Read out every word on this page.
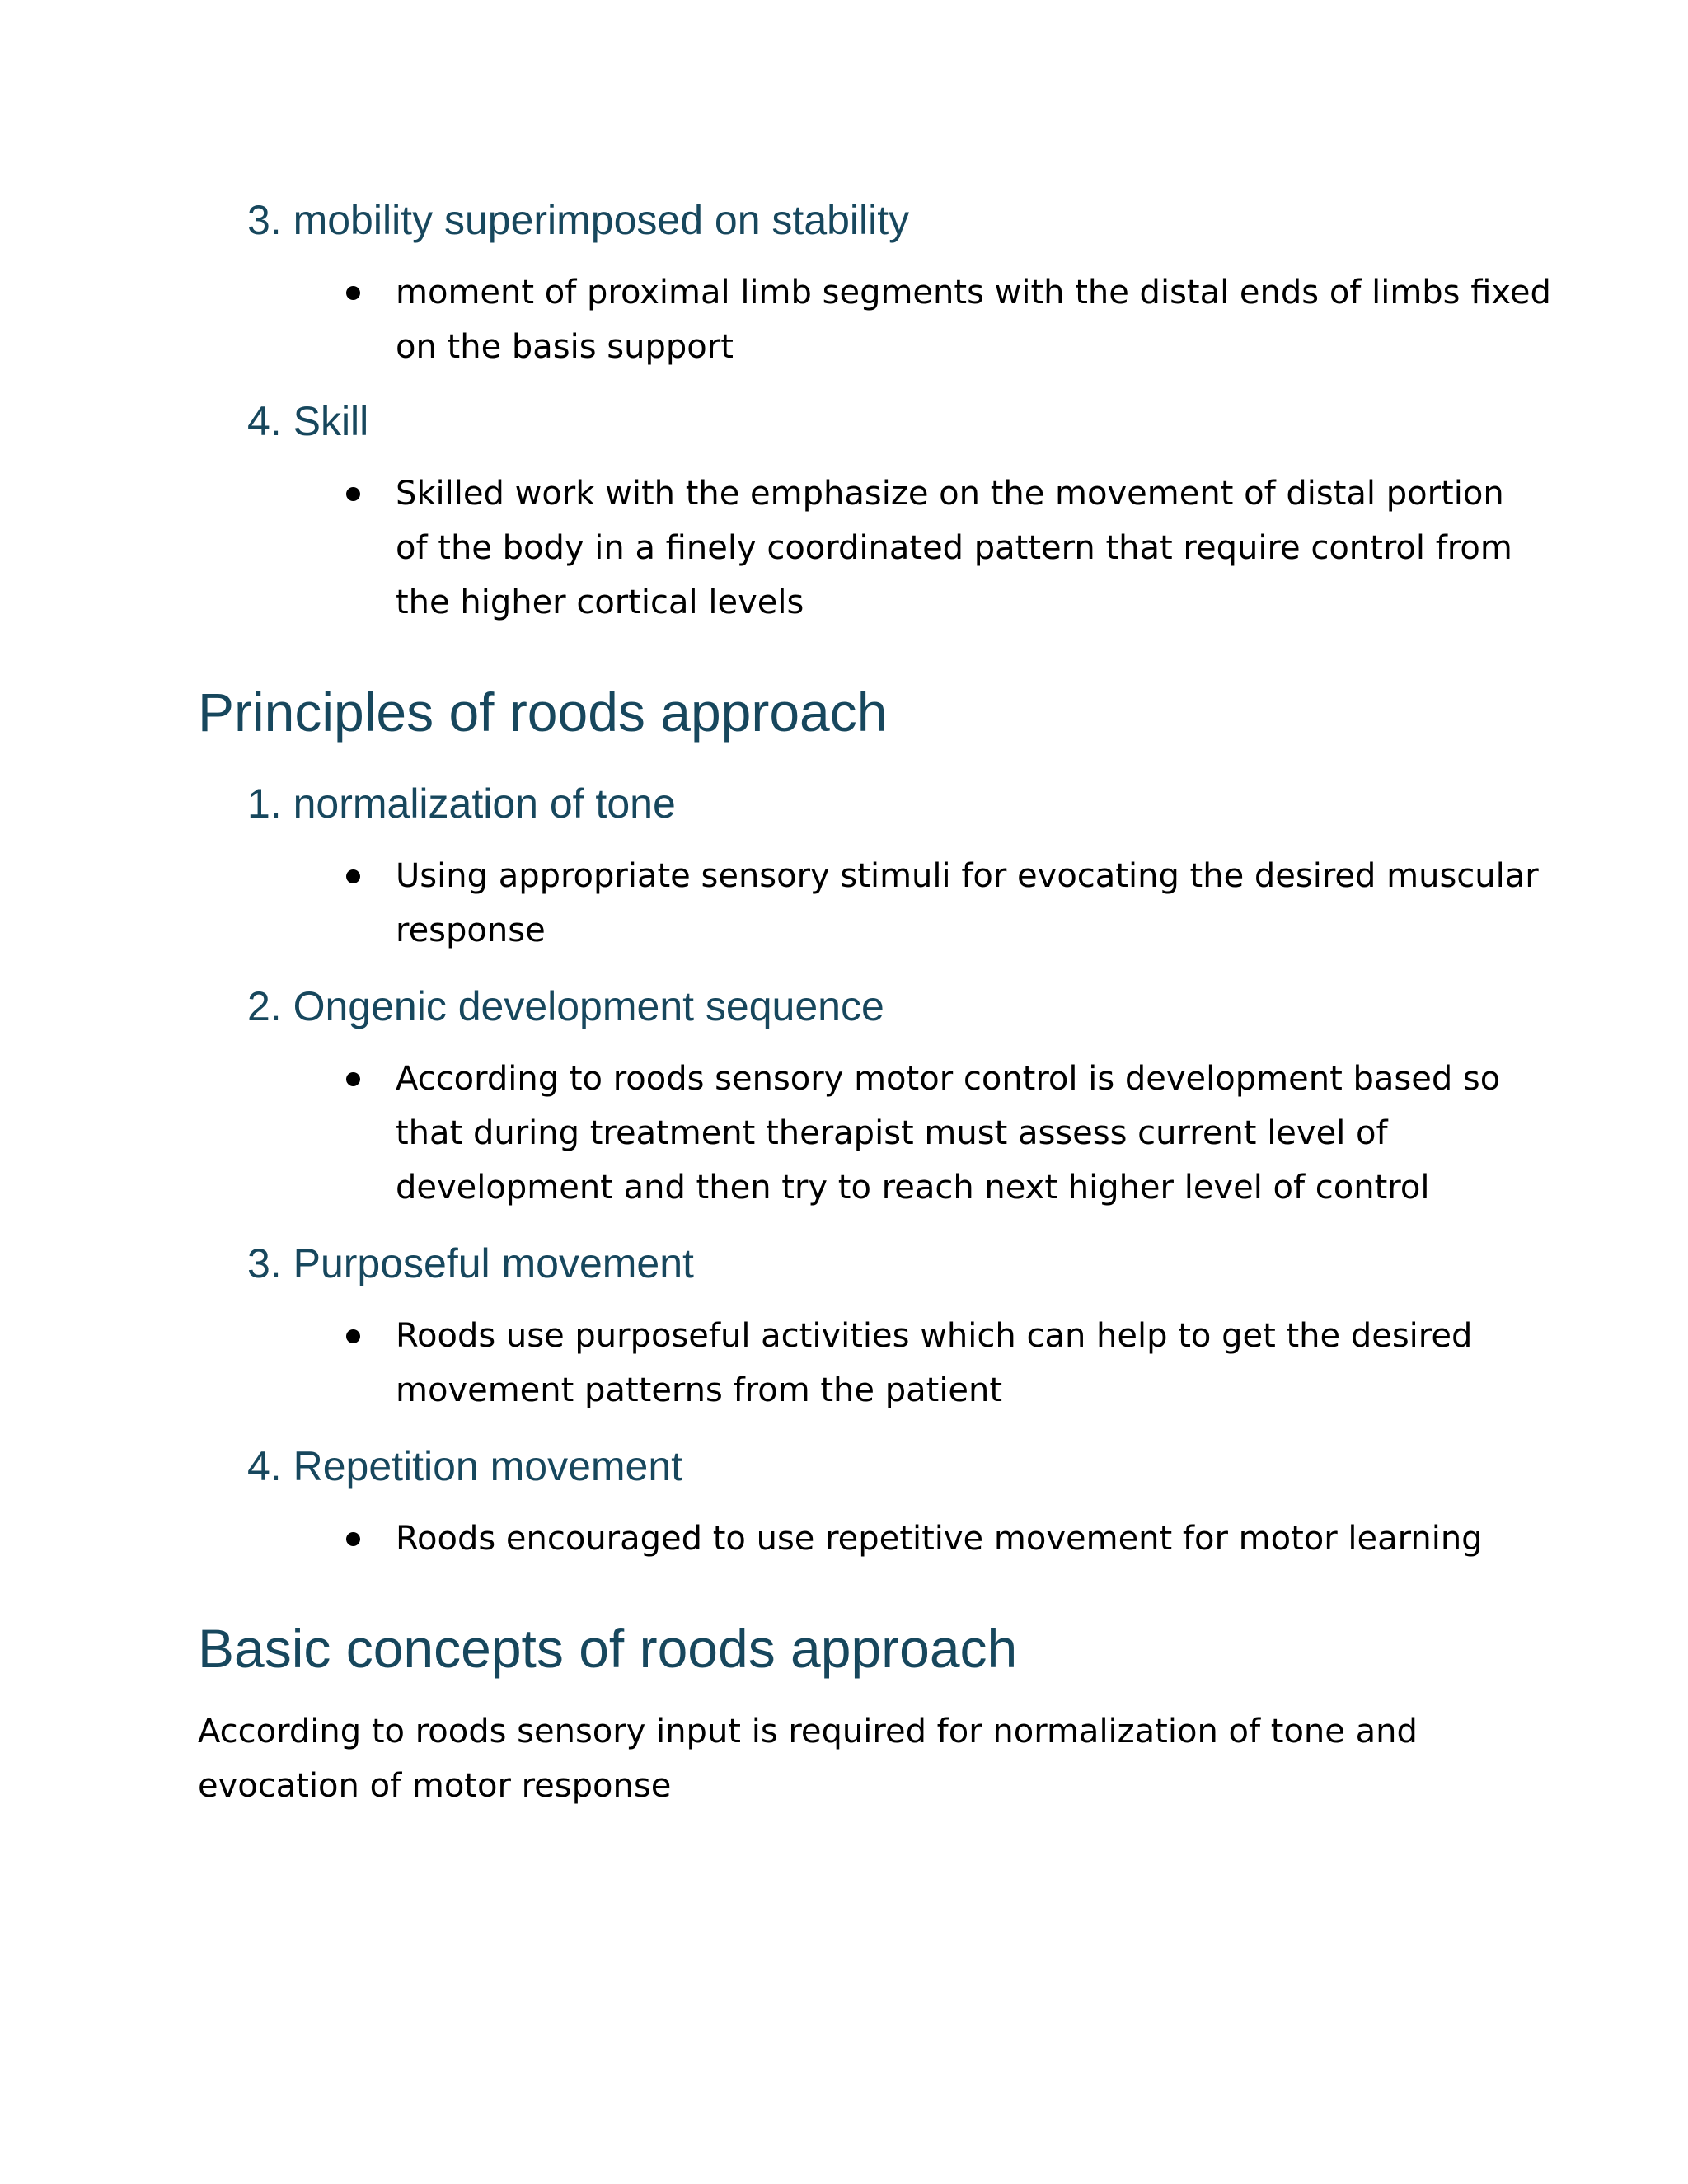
3. mobility superimposed on stability

moment of proximal limb segments with the distal ends of limbs fixed
on the basis support

4. Skill

Skilled work with the emphasize on the movement of distal portion
of the body in a finely coordinated pattern that require control from
the higher cortical levels

Principles of roods approach
1. normalization of tone

Using appropriate sensory stimuli for evocating the desired muscular
response

2. Ongenic development sequence

According to roods sensory motor control is development based so
that during treatment therapist must assess current level of
development and then try to reach next higher level of control

3. Purposeful movement

Roods use purposeful activities which can help to get the desired
movement patterns from the patient

4. Repetition movement

Roods encouraged to use repetitive movement for motor learning

Basic concepts of roods approach

According to roods sensory input is required for normalization of tone and
evocation of motor response
